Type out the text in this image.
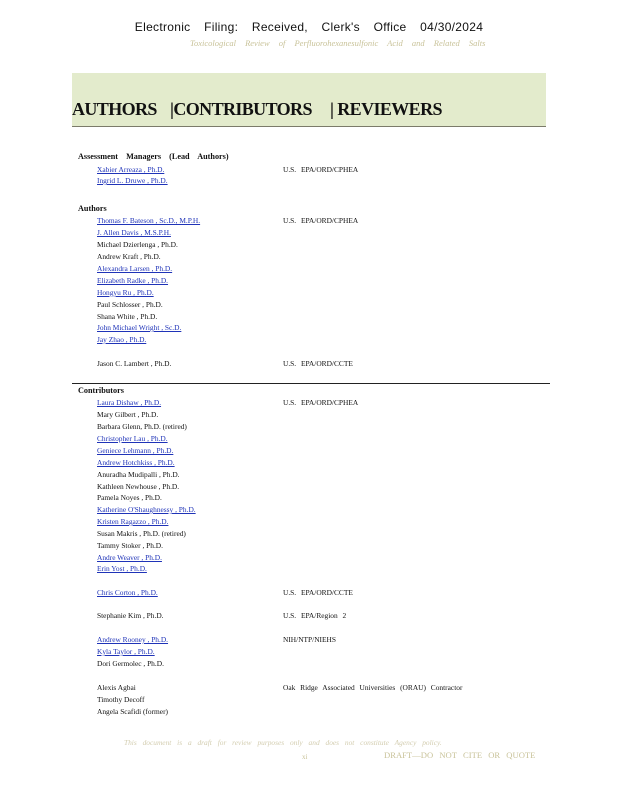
Electronic Filing: Received, Clerk's Office 04/30/2024
Toxicological Review of Perfluorohexanesulfonic Acid and Related Salts
AUTHORS |CONTRIBUTORS | REVIEWERS
Assessment Managers (Lead Authors)
Xabier Arreaza , Ph.D.	U.S. EPA/ORD/CPHEA
Ingrid L. Druwe , Ph.D.
Authors
Thomas F. Bateson , Sc.D., M.P.H.	U.S. EPA/ORD/CPHEA
J. Allen Davis , M.S.P.H.
Michael Dzierlenga , Ph.D.
Andrew Kraft , Ph.D.
Alexandra Larsen , Ph.D.
Elizabeth Radke , Ph.D.
Hongyu Ru , Ph.D.
Paul Schlosser , Ph.D.
Shana White , Ph.D.
John Michael Wright , Sc.D.
Jay Zhao , Ph.D.
Jason C. Lambert , Ph.D.	U.S. EPA/ORD/CCTE
Contributors
Laura Dishaw , Ph.D.	U.S. EPA/ORD/CPHEA
Mary Gilbert , Ph.D.
Barbara Glenn, Ph.D. (retired)
Christopher Lau , Ph.D.
Geniece Lehmann , Ph.D.
Andrew Hotchkiss , Ph.D.
Anuradha Mudipalli , Ph.D.
Kathleen Newhouse , Ph.D.
Pamela Noyes , Ph.D.
Katherine O'Shaughnessy , Ph.D.
Kristen Ragazzo , Ph.D.
Susan Makris , Ph.D. (retired)
Tammy Stoker , Ph.D.
Andre Weaver , Ph.D.
Erin Yost , Ph.D.
Chris Corton , Ph.D.	U.S. EPA/ORD/CCTE
Stephanie Kim , Ph.D.	U.S. EPA/Region 2
Andrew Rooney , Ph.D.	NIH/NTP/NIEHS
Kyla Taylor , Ph.D.
Dori Germolec , Ph.D.
Alexis Agbai	Oak Ridge Associated Universities (ORAU) Contractor
Timothy Decoff
Angela Scafidi (former)
This document is a draft for review purposes only and does not constitute Agency policy.
xi	DRAFT—DO NOT CITE OR QUOTE
